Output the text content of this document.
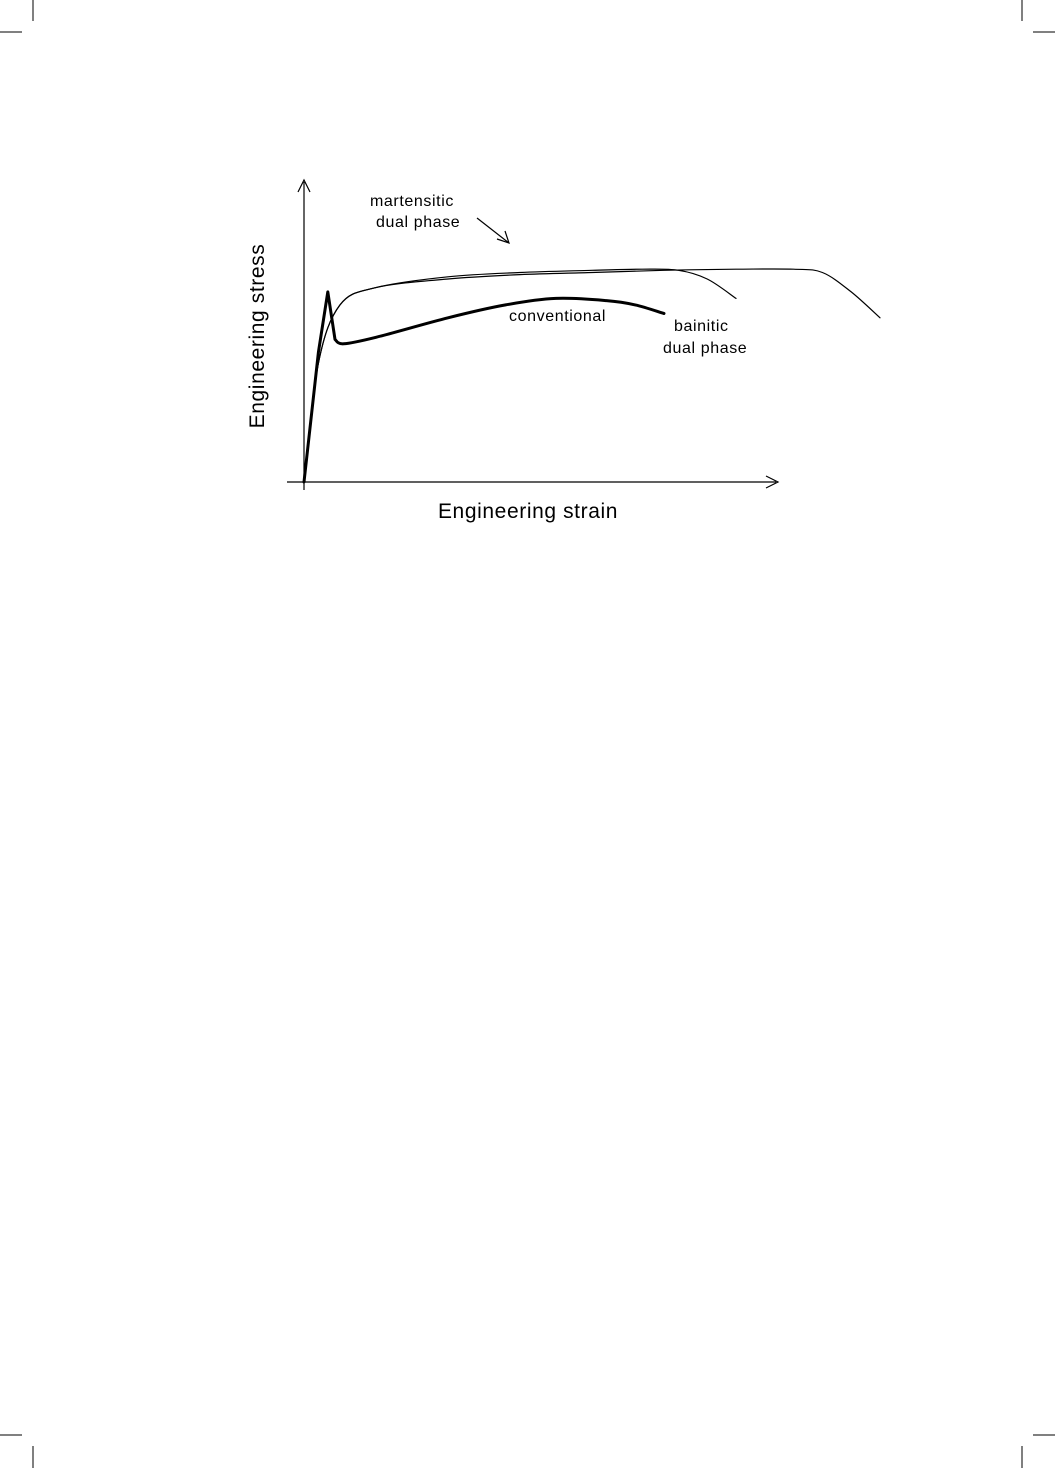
martensitic
dual phase
conventional
bainitic
dual phase
Engineering strain
Engineering stress
